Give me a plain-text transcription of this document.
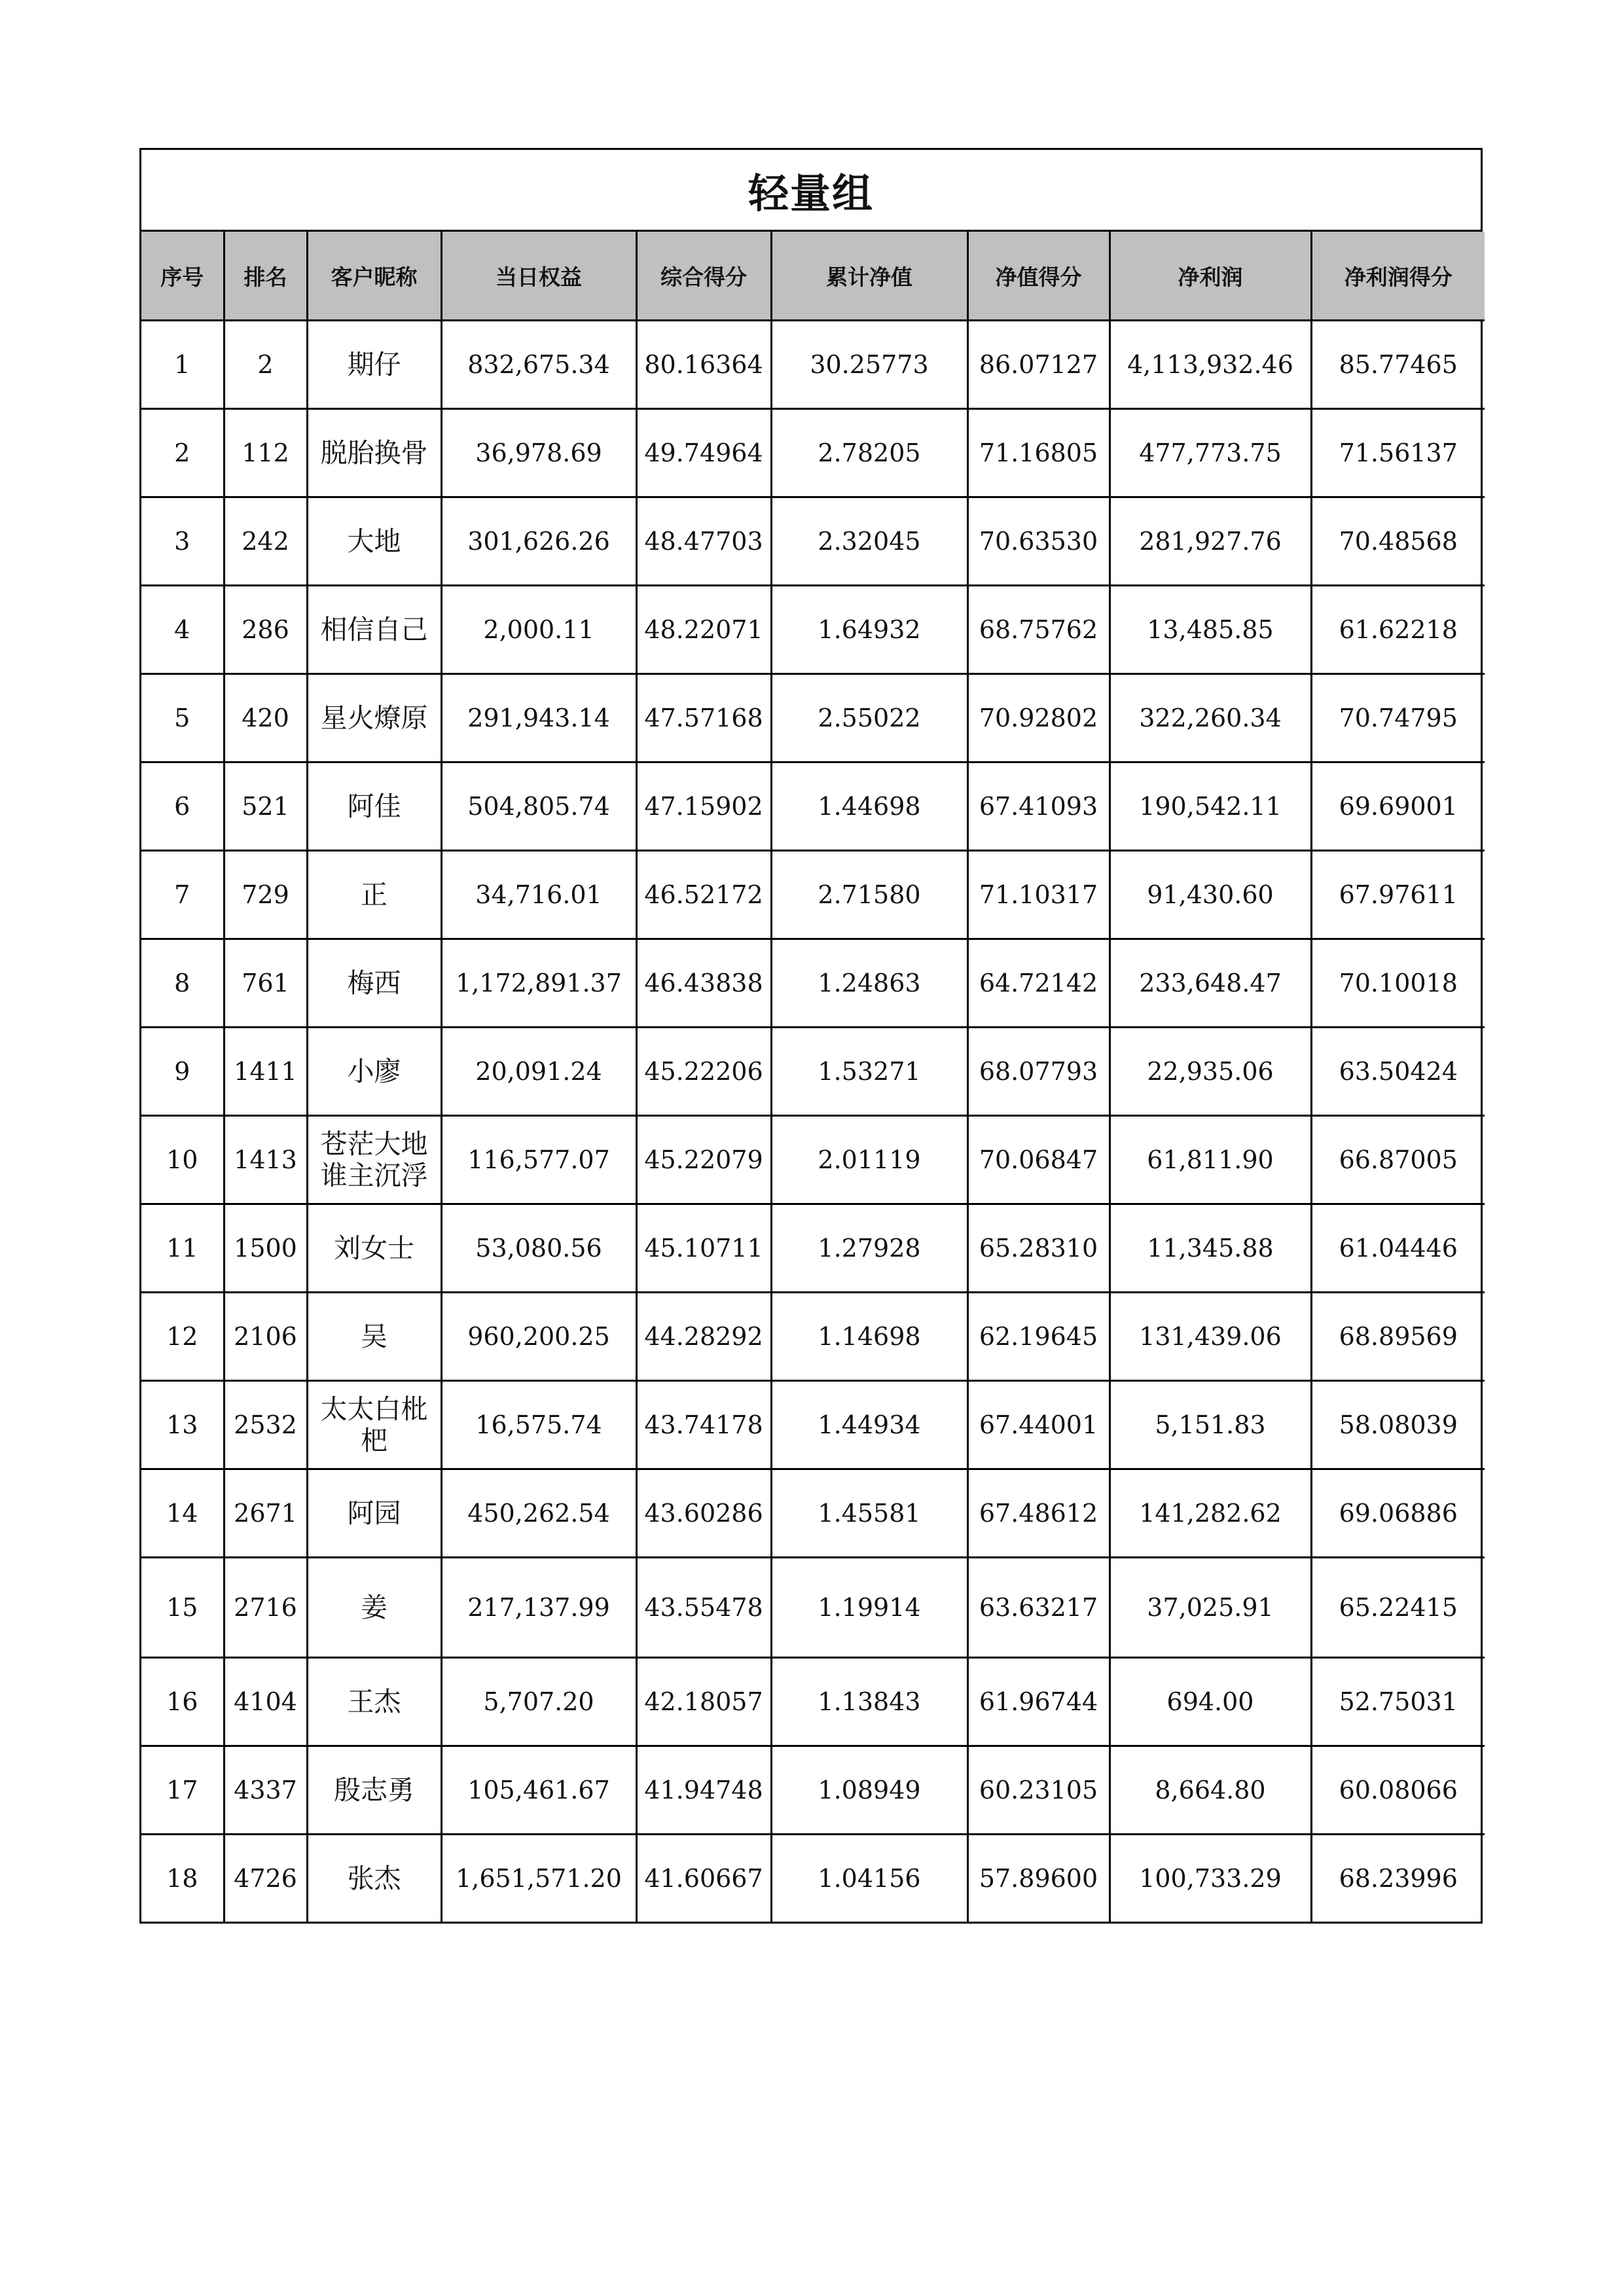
轻量组
序号	排名	客户昵称	当日权益	综合得分	累计净值	净值得分	净利润	净利润得分
1	2	期仔	832,675.34	80.16364	30.25773	86.07127	4,113,932.46	85.77465
2	112	脱胎换骨	36,978.69	49.74964	2.78205	71.16805	477,773.75	71.56137
3	242	大地	301,626.26	48.47703	2.32045	70.63530	281,927.76	70.48568
4	286	相信自己	2,000.11	48.22071	1.64932	68.75762	13,485.85	61.62218
5	420	星火燎原	291,943.14	47.57168	2.55022	70.92802	322,260.34	70.74795
6	521	阿佳	504,805.74	47.15902	1.44698	67.41093	190,542.11	69.69001
7	729	正	34,716.01	46.52172	2.71580	71.10317	91,430.60	67.97611
8	761	梅西	1,172,891.37	46.43838	1.24863	64.72142	233,648.47	70.10018
9	1411	小廖	20,091.24	45.22206	1.53271	68.07793	22,935.06	63.50424
10	1413	苍茫大地谁主沉浮	116,577.07	45.22079	2.01119	70.06847	61,811.90	66.87005
11	1500	刘女士	53,080.56	45.10711	1.27928	65.28310	11,345.88	61.04446
12	2106	吴	960,200.25	44.28292	1.14698	62.19645	131,439.06	68.89569
13	2532	太太白枇杷	16,575.74	43.74178	1.44934	67.44001	5,151.83	58.08039
14	2671	阿园	450,262.54	43.60286	1.45581	67.48612	141,282.62	69.06886
15	2716	姜	217,137.99	43.55478	1.19914	63.63217	37,025.91	65.22415
16	4104	王杰	5,707.20	42.18057	1.13843	61.96744	694.00	52.75031
17	4337	殷志勇	105,461.67	41.94748	1.08949	60.23105	8,664.80	60.08066
18	4726	张杰	1,651,571.20	41.60667	1.04156	57.89600	100,733.29	68.23996
